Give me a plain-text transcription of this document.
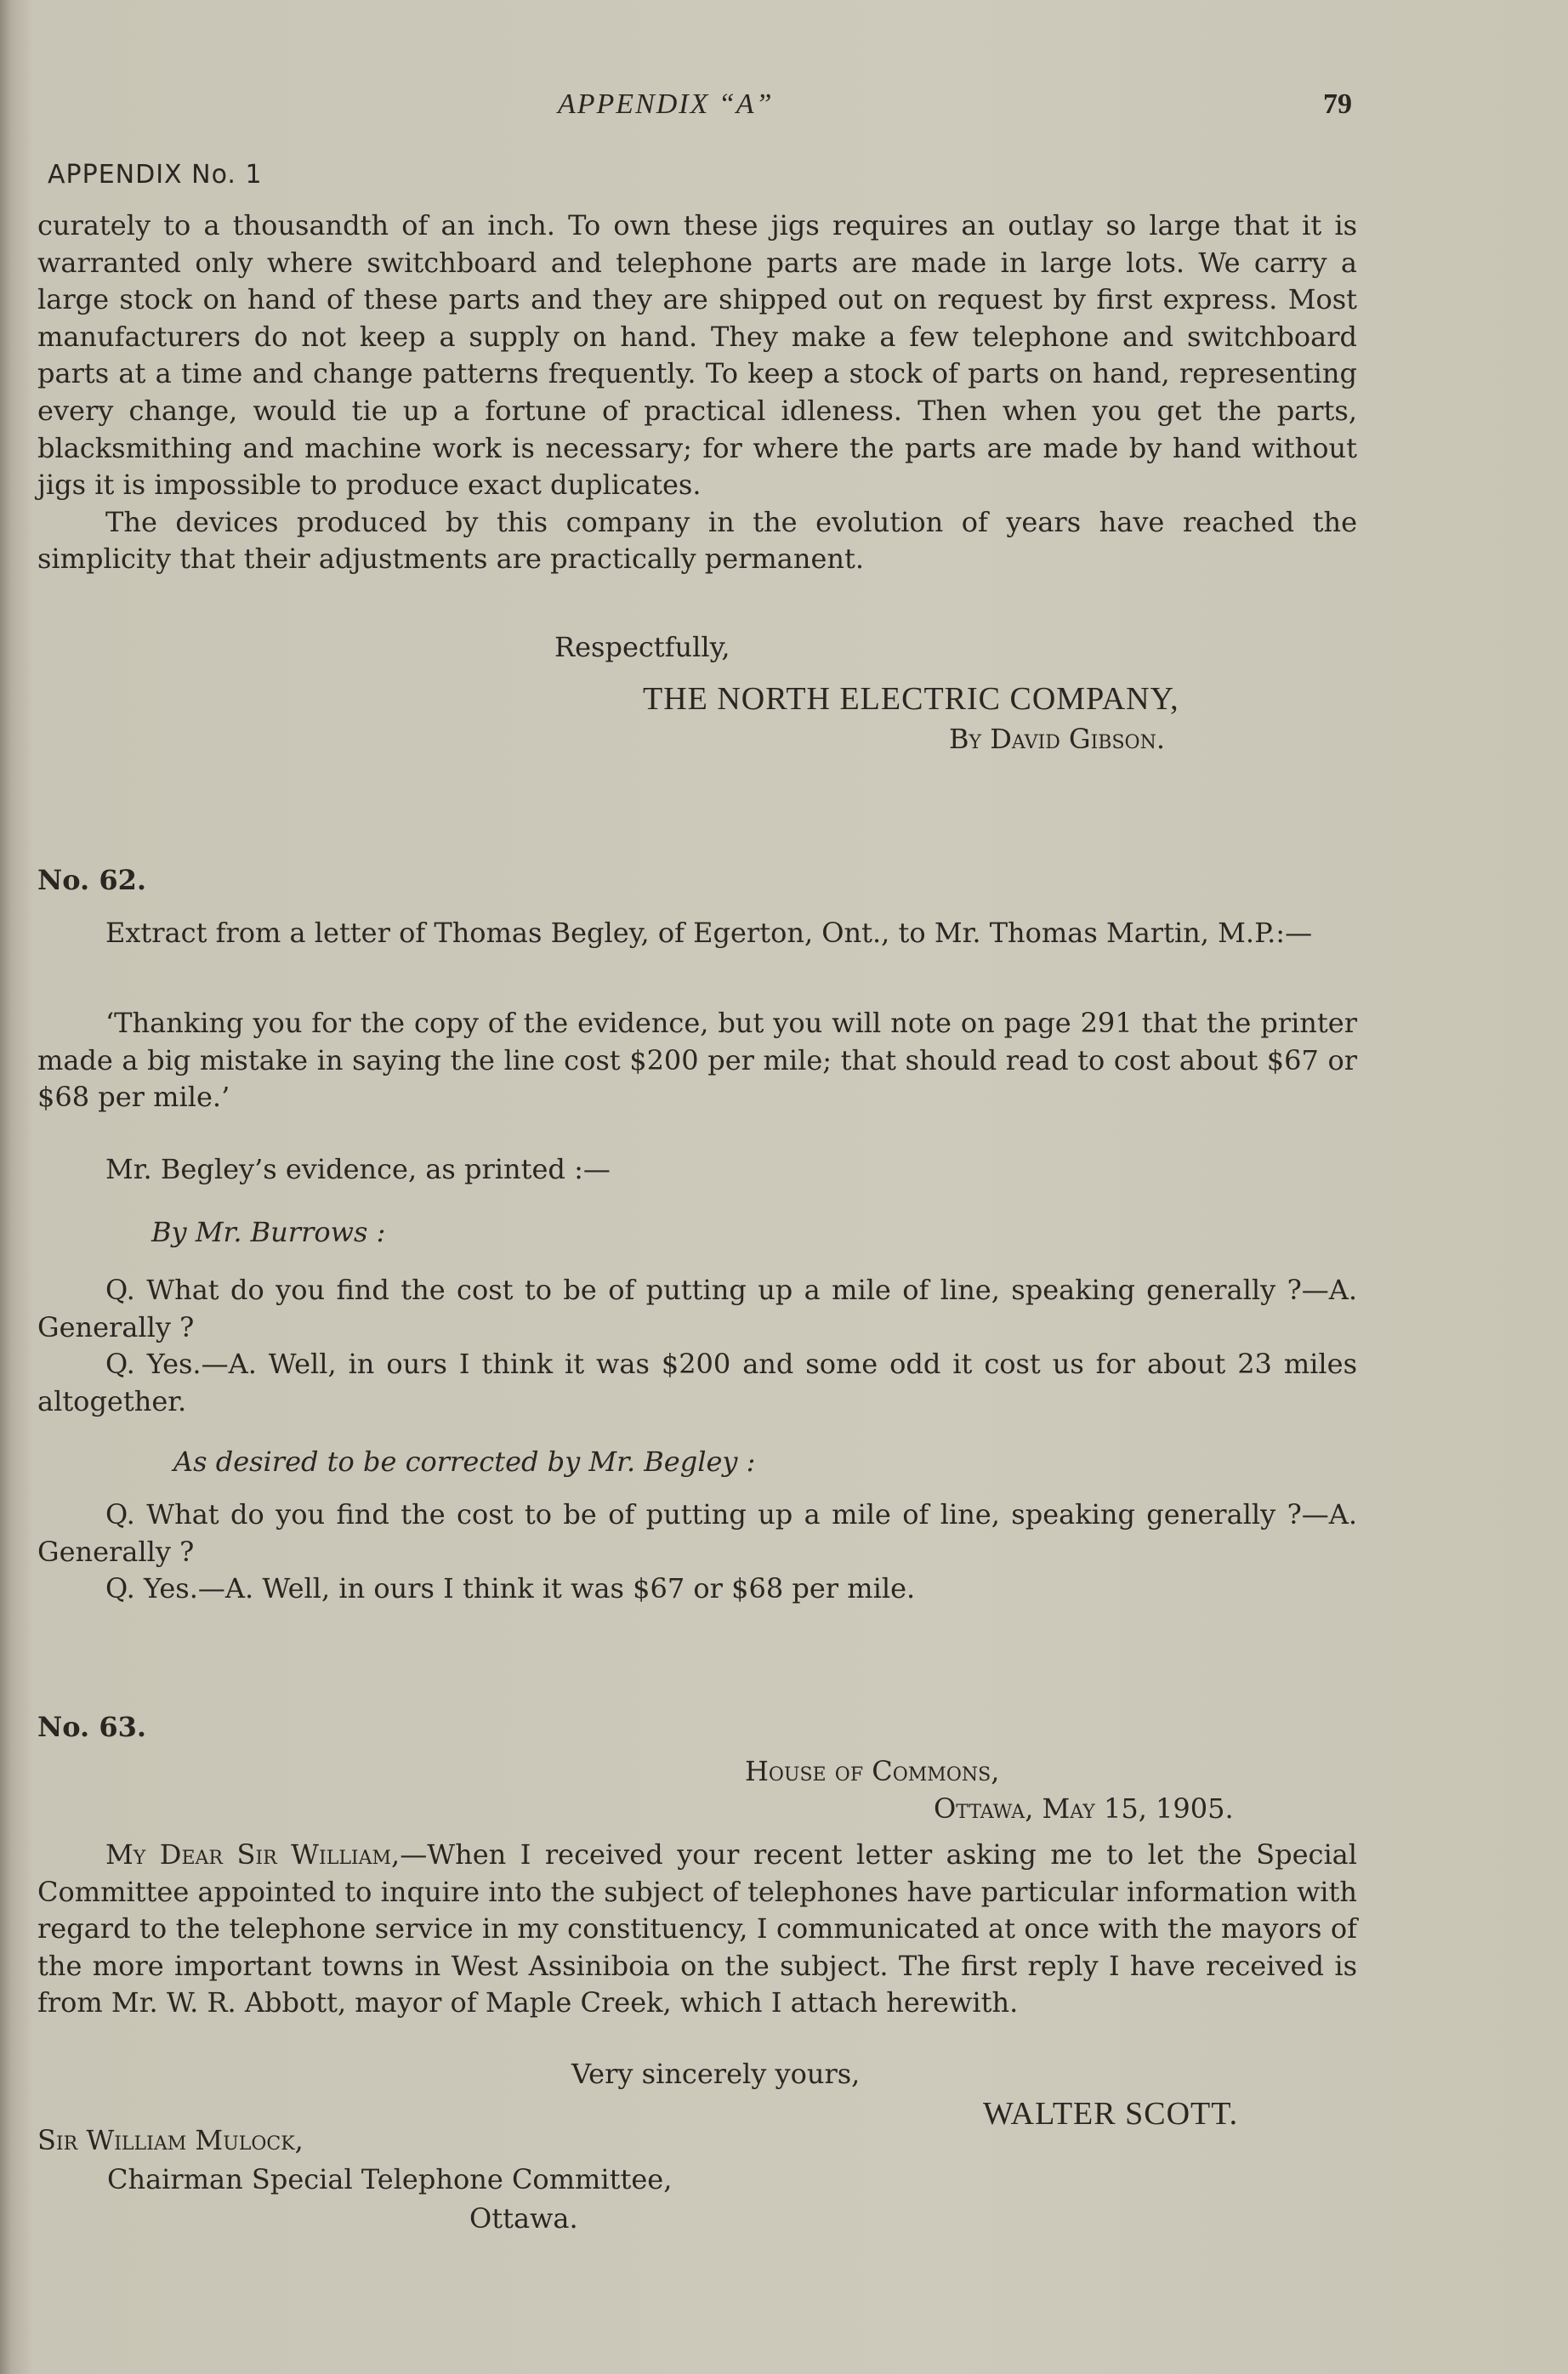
APPENDIX “A”	79
APPENDIX No. 1

curately to a thousandth of an inch. To own these jigs requires an outlay so large that it is warranted only where switchboard and telephone parts are made in large lots. We carry a large stock on hand of these parts and they are shipped out on request by first express. Most manufacturers do not keep a supply on hand. They make a few telephone and switchboard parts at a time and change patterns frequently. To keep a stock of parts on hand, representing every change, would tie up a fortune of practical idleness. Then when you get the parts, blacksmithing and machine work is necessary; for where the parts are made by hand without jigs it is impossible to produce exact duplicates.

The devices produced by this company in the evolution of years have reached the simplicity that their adjustments are practically permanent.

Respectfully,
THE NORTH ELECTRIC COMPANY,
By David Gibson.
No. 62.

Extract from a letter of Thomas Begley, of Egerton, Ont., to Mr. Thomas Martin, M.P.:—

‘Thanking you for the copy of the evidence, but you will note on page 291 that the printer made a big mistake in saying the line cost $200 per mile; that should read to cost about $67 or $68 per mile.’

Mr. Begley’s evidence, as printed :—
By Mr. Burrows :

Q. What do you find the cost to be of putting up a mile of line, speaking generally ?—A. Generally ?

Q. Yes.—A. Well, in ours I think it was $200 and some odd it cost us for about 23 miles altogether.

As desired to be corrected by Mr. Begley :

Q. What do you find the cost to be of putting up a mile of line, speaking generally ?—A. Generally ?

Q. Yes.—A. Well, in ours I think it was $67 or $68 per mile.

No. 63.
House of Commons,
Ottawa, May 15, 1905.

My Dear Sir William,—When I received your recent letter asking me to let the Special Committee appointed to inquire into the subject of telephones have particular information with regard to the telephone service in my constituency, I communicated at once with the mayors of the more important towns in West Assiniboia on the subject. The first reply I have received is from Mr. W. R. Abbott, mayor of Maple Creek, which I attach herewith.

Very sincerely yours,
WALTER SCOTT.
Sir William Mulock,
Chairman Special Telephone Committee,
Ottawa.
